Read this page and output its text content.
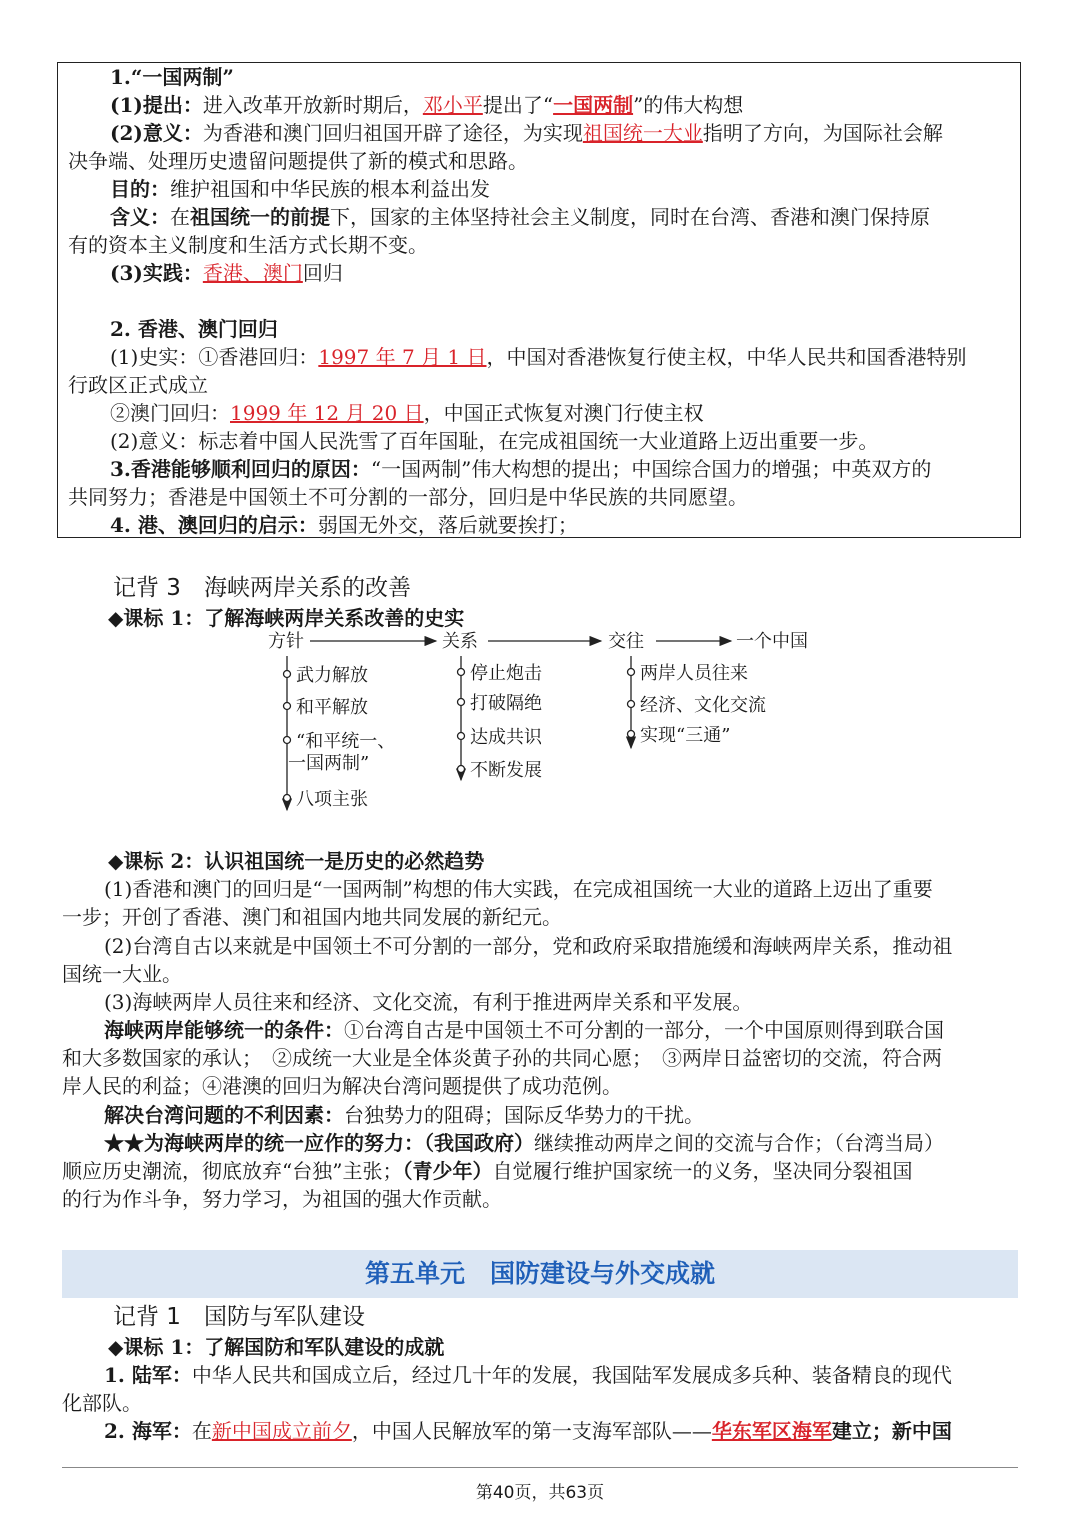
1.“一国两制”
(1)提出：进入改革开放新时期后，邓小平提出了“一国两制”的伟大构想
(2)意义：为香港和澳门回归祖国开辟了途径，为实现祖国统一大业指明了方向，为国际社会解
决争端、处理历史遗留问题提供了新的模式和思路。
目的：维护祖国和中华民族的根本利益出发
含义：在祖国统一的前提下，国家的主体坚持社会主义制度，同时在台湾、香港和澳门保持原
有的资本主义制度和生活方式长期不变。
(3)实践：香港、澳门回归
2. 香港、澳门回归
(1)史实：①香港回归：1997 年 7 月 1 日，中国对香港恢复行使主权，中华人民共和国香港特别
行政区正式成立
②澳门回归：1999 年 12 月 20 日，中国正式恢复对澳门行使主权
(2)意义：标志着中国人民洗雪了百年国耻，在完成祖国统一大业道路上迈出重要一步。
3.香港能够顺利回归的原因：“一国两制”伟大构想的提出；中国综合国力的增强；中英双方的
共同努力；香港是中国领土不可分割的一部分，回归是中华民族的共同愿望。
4. 港、澳回归的启示：弱国无外交，落后就要挨打；
记背 3　海峡两岸关系的改善
◆课标 1：了解海峡两岸关系改善的史实
方针	关系	交往	一个中国
武力解放
和平解放
“和平统一、
一国两制”
八项主张
停止炮击
打破隔绝
达成共识
不断发展
两岸人员往来
经济、文化交流
实现“三通”
◆课标 2：认识祖国统一是历史的必然趋势
(1)香港和澳门的回归是“一国两制”构想的伟大实践，在完成祖国统一大业的道路上迈出了重要
一步；开创了香港、澳门和祖国内地共同发展的新纪元。
(2)台湾自古以来就是中国领土不可分割的一部分，党和政府采取措施缓和海峡两岸关系，推动祖
国统一大业。
(3)海峡两岸人员往来和经济、文化交流，有利于推进两岸关系和平发展。
海峡两岸能够统一的条件：①台湾自古是中国领土不可分割的一部分，一个中国原则得到联合国
和大多数国家的承认；　②成统一大业是全体炎黄子孙的共同心愿；　③两岸日益密切的交流，符合两
岸人民的利益；④港澳的回归为解决台湾问题提供了成功范例。
解决台湾问题的不利因素：台独势力的阻碍；国际反华势力的干扰。
★★为海峡两岸的统一应作的努力：（我国政府）继续推动两岸之间的交流与合作；（台湾当局）
顺应历史潮流，彻底放弃“台独”主张；（青少年）自觉履行维护国家统一的义务，坚决同分裂祖国
的行为作斗争，努力学习，为祖国的强大作贡献。
第五单元　国防建设与外交成就
记背 1　国防与军队建设
◆课标 1：了解国防和军队建设的成就
1. 陆军：中华人民共和国成立后，经过几十年的发展，我国陆军发展成多兵种、装备精良的现代
化部队。
2. 海军：在新中国成立前夕，中国人民解放军的第一支海军部队——华东军区海军建立；新中国
第40页，共63页
